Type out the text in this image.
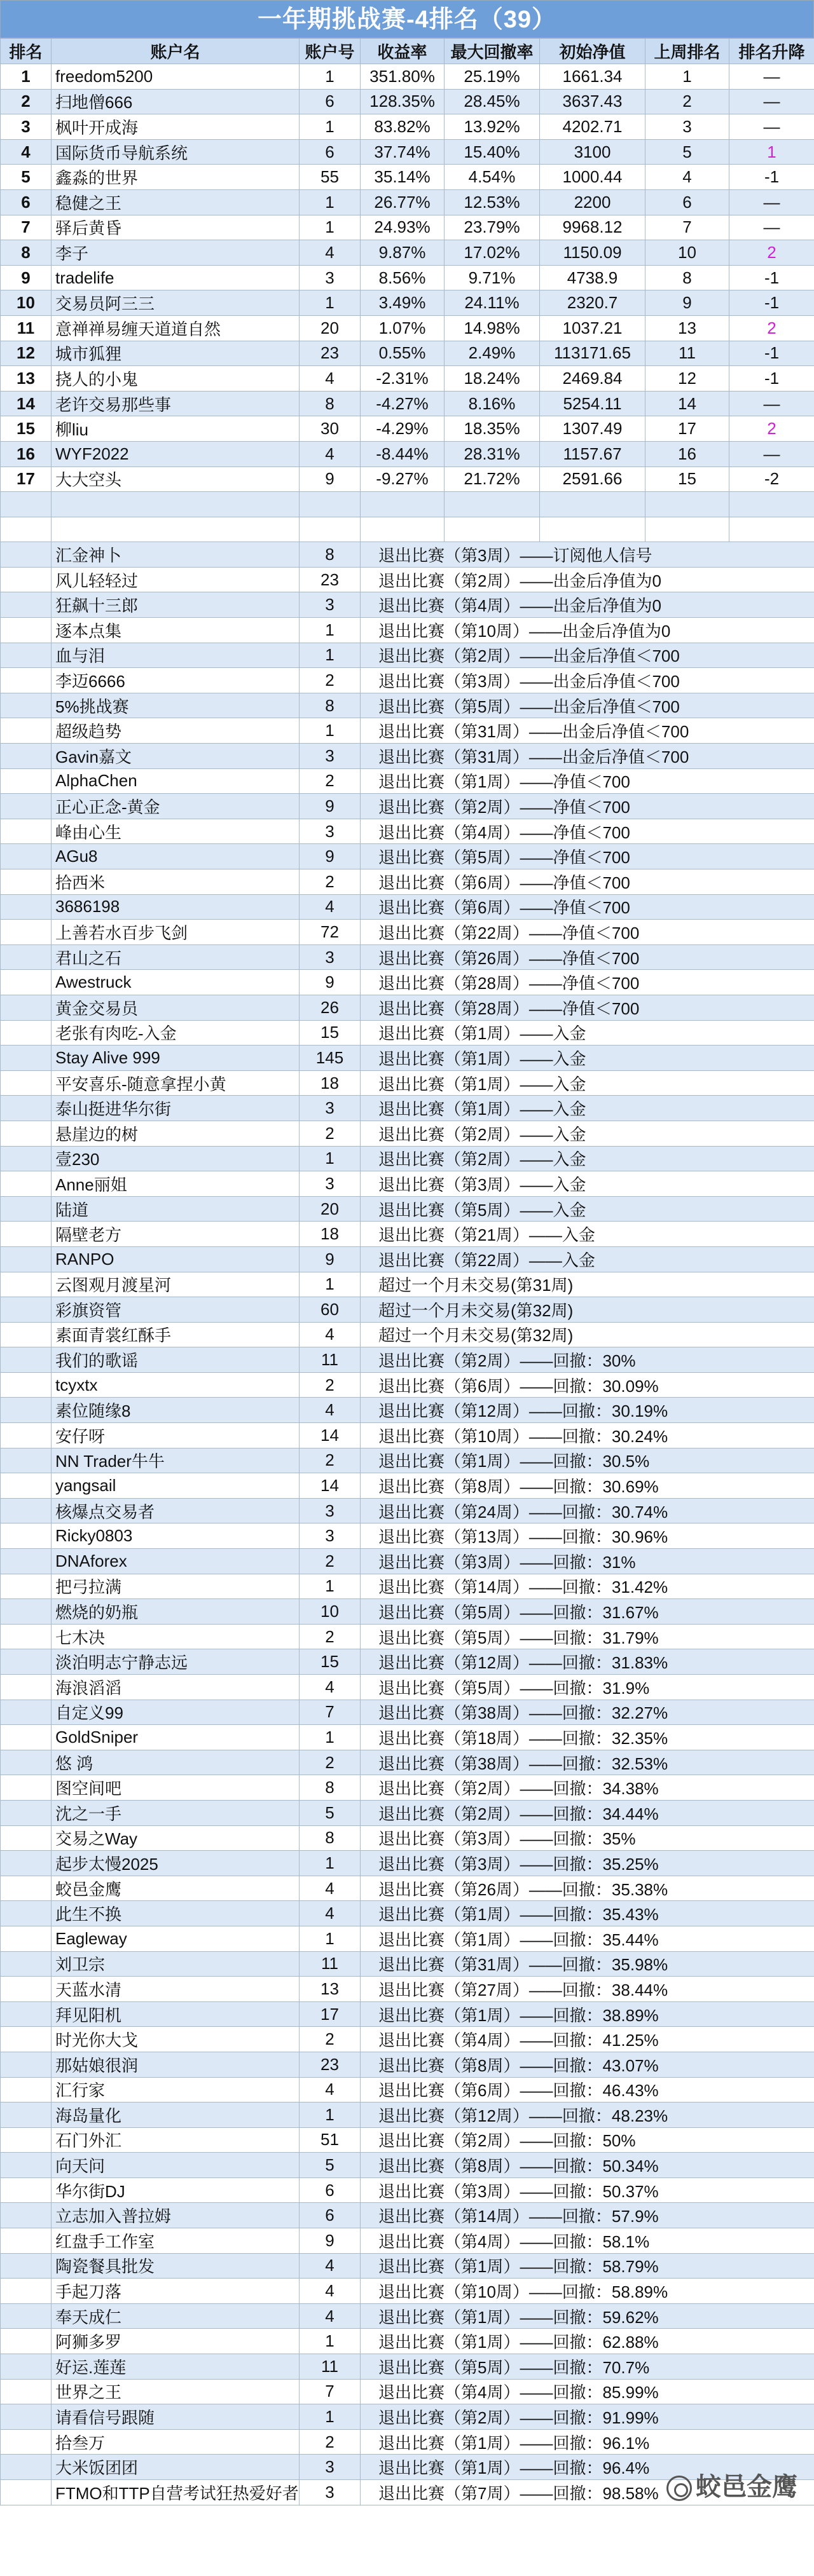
一年期挑战赛-4排名（39）
排名	账户名	账户号	收益率	最大回撤率	初始净值	上周排名	排名升降
1	freedom5200	1	351.80%	25.19%	1661.34	1	—
2	扫地僧666	6	128.35%	28.45%	3637.43	2	—
3	枫叶开成海	1	83.82%	13.92%	4202.71	3	—
4	国际货币导航系统	6	37.74%	15.40%	3100	5	1
5	鑫淼的世界	55	35.14%	4.54%	1000.44	4	-1
6	稳健之王	1	26.77%	12.53%	2200	6	—
7	驿后黄昏	1	24.93%	23.79%	9968.12	7	—
8	李子	4	9.87%	17.02%	1150.09	10	2
9	tradelife	3	8.56%	9.71%	4738.9	8	-1
10	交易员阿三三	1	3.49%	24.11%	2320.7	9	-1
11	意禅禅易缠天道道自然	20	1.07%	14.98%	1037.21	13	2
12	城市狐狸	23	0.55%	2.49%	113171.65	11	-1
13	挠人的小鬼	4	-2.31%	18.24%	2469.84	12	-1
14	老许交易那些事	8	-4.27%	8.16%	5254.11	14	—
15	柳liu	30	-4.29%	18.35%	1307.49	17	2
16	WYF2022	4	-8.44%	28.31%	1157.67	16	—
17	大大空头	9	-9.27%	21.72%	2591.66	15	-2

	汇金神卜	8	退出比赛（第3周）——订阅他人信号				
	风儿轻轻过	23	退出比赛（第2周）——出金后净值为0				
	狂飙十三郎	3	退出比赛（第4周）——出金后净值为0				
	逐本点集	1	退出比赛（第10周）——出金后净值为0				
	血与泪	1	退出比赛（第2周）——出金后净值＜700				
	李迈6666	2	退出比赛（第3周）——出金后净值＜700				
	5%挑战赛	8	退出比赛（第5周）——出金后净值＜700				
	超级趋势	1	退出比赛（第31周）——出金后净值＜700				
	Gavin嘉文	3	退出比赛（第31周）——出金后净值＜700				
	AlphaChen	2	退出比赛（第1周）——净值＜700				
	正心正念-黄金	9	退出比赛（第2周）——净值＜700				
	峰由心生	3	退出比赛（第4周）——净值＜700				
	AGu8	9	退出比赛（第5周）——净值＜700				
	拾西米	2	退出比赛（第6周）——净值＜700				
	3686198	4	退出比赛（第6周）——净值＜700				
	上善若水百步飞剑	72	退出比赛（第22周）——净值＜700				
	君山之石	3	退出比赛（第26周）——净值＜700				
	Awestruck	9	退出比赛（第28周）——净值＜700				
	黄金交易员	26	退出比赛（第28周）——净值＜700				
	老张有肉吃-入金	15	退出比赛（第1周）——入金				
	Stay Alive 999	145	退出比赛（第1周）——入金				
	平安喜乐-随意拿捏小黄	18	退出比赛（第1周）——入金				
	泰山挺进华尔街	3	退出比赛（第1周）——入金				
	悬崖边的树	2	退出比赛（第2周）——入金				
	壹230	1	退出比赛（第2周）——入金				
	Anne丽姐	3	退出比赛（第3周）——入金				
	陆道	20	退出比赛（第5周）——入金				
	隔壁老方	18	退出比赛（第21周）——入金				
	RANPO	9	退出比赛（第22周）——入金				
	云图观月渡星河	1	超过一个月未交易(第31周)				
	彩旗资管	60	超过一个月未交易(第32周)				
	素面青裳红酥手	4	超过一个月未交易(第32周)				
	我们的歌谣	11	退出比赛（第2周）——回撤：30%				
	tcyxtx	2	退出比赛（第6周）——回撤：30.09%				
	素位随缘8	4	退出比赛（第12周）——回撤：30.19%				
	安仔呀	14	退出比赛（第10周）——回撤：30.24%				
	NN Trader牛牛	2	退出比赛（第1周）——回撤：30.5%				
	yangsail	14	退出比赛（第8周）——回撤：30.69%				
	核爆点交易者	3	退出比赛（第24周）——回撤：30.74%				
	Ricky0803	3	退出比赛（第13周）——回撤：30.96%				
	DNAforex	2	退出比赛（第3周）——回撤：31%				
	把弓拉满	1	退出比赛（第14周）——回撤：31.42%				
	燃烧的奶瓶	10	退出比赛（第5周）——回撤：31.67%				
	七木决	2	退出比赛（第5周）——回撤：31.79%				
	淡泊明志宁静志远	15	退出比赛（第12周）——回撤：31.83%				
	海浪滔滔	4	退出比赛（第5周）——回撤：31.9%				
	自定义99	7	退出比赛（第38周）——回撤：32.27%				
	GoldSniper	1	退出比赛（第18周）——回撤：32.35%				
	悠 鸿	2	退出比赛（第38周）——回撤：32.53%				
	图空间吧	8	退出比赛（第2周）——回撤：34.38%				
	沈之一手	5	退出比赛（第2周）——回撤：34.44%				
	交易之Way	8	退出比赛（第3周）——回撤：35%				
	起步太慢2025	1	退出比赛（第3周）——回撤：35.25%				
	蛟邑金鹰	4	退出比赛（第26周）——回撤：35.38%				
	此生不换	4	退出比赛（第1周）——回撤：35.43%				
	Eagleway	1	退出比赛（第1周）——回撤：35.44%				
	刘卫宗	11	退出比赛（第31周）——回撤：35.98%				
	天蓝水清	13	退出比赛（第27周）——回撤：38.44%				
	拜见阳机	17	退出比赛（第1周）——回撤：38.89%				
	时光你大戈	2	退出比赛（第4周）——回撤：41.25%				
	那姑娘很润	23	退出比赛（第8周）——回撤：43.07%				
	汇行家	4	退出比赛（第6周）——回撤：46.43%				
	海岛量化	1	退出比赛（第12周）——回撤：48.23%				
	石门外汇	51	退出比赛（第2周）——回撤：50%				
	向天问	5	退出比赛（第8周）——回撤：50.34%				
	华尔街DJ	6	退出比赛（第3周）——回撤：50.37%				
	立志加入普拉姆	6	退出比赛（第14周）——回撤：57.9%				
	红盘手工作室	9	退出比赛（第4周）——回撤：58.1%				
	陶瓷餐具批发	4	退出比赛（第1周）——回撤：58.79%				
	手起刀落	4	退出比赛（第10周）——回撤：58.89%				
	奉天成仁	4	退出比赛（第1周）——回撤：59.62%				
	阿狮多罗	1	退出比赛（第1周）——回撤：62.88%				
	好运.莲莲	11	退出比赛（第5周）——回撤：70.7%				
	世界之王	7	退出比赛（第4周）——回撤：85.99%				
	请看信号跟随	1	退出比赛（第2周）——回撤：91.99%				
	拾叁万	2	退出比赛（第1周）——回撤：96.1%				
	大米饭团团	3	退出比赛（第1周）——回撤：96.4%				
	FTMO和TTP自营考试狂热爱好者	3	退出比赛（第7周）——回撤：98.58%					蛟邑金鹰
